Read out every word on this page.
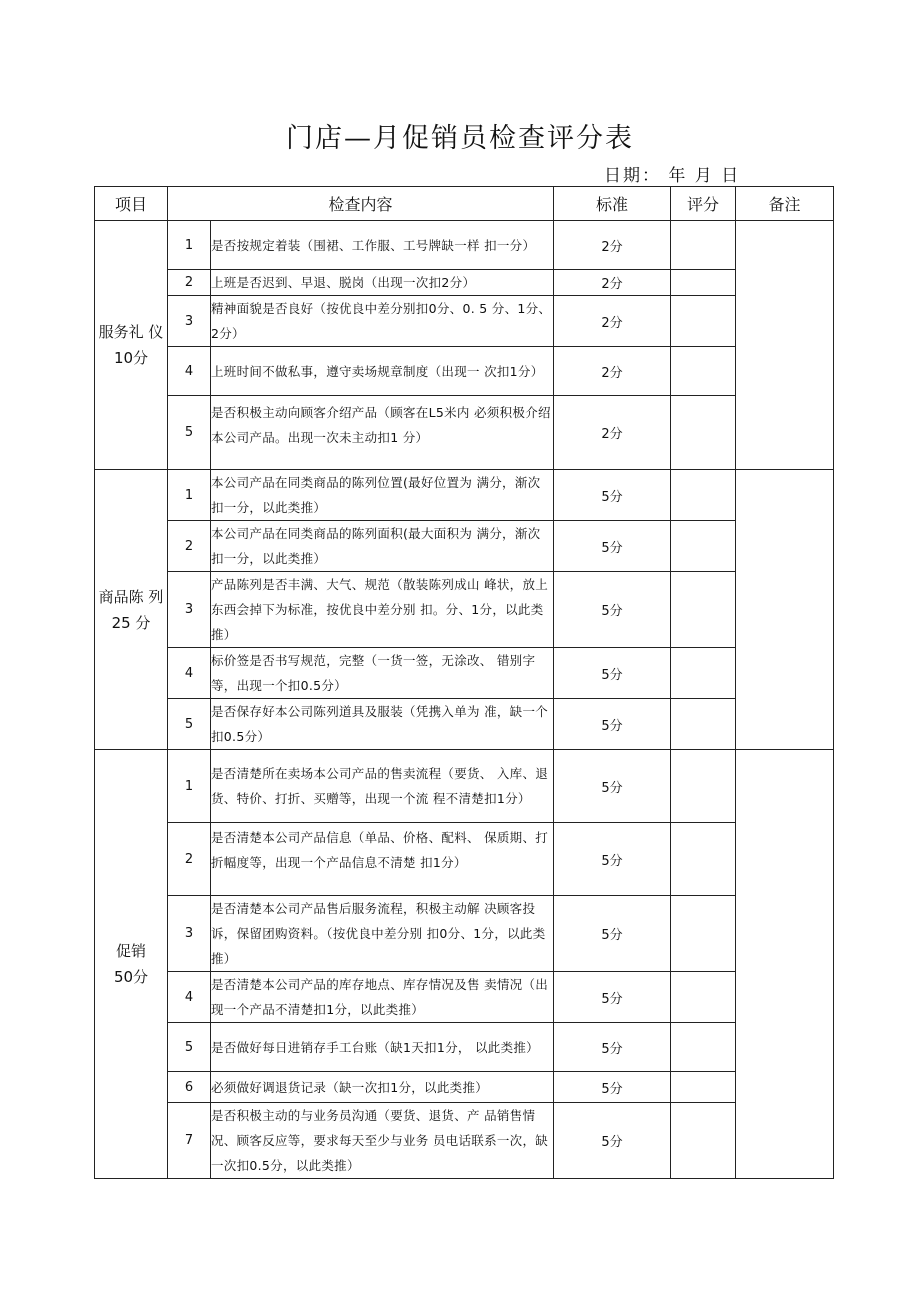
门店—月促销员检查评分表
日期： 年 月 日
项目	检查内容		标准	评分	备注

服务礼 仪
10分	1	是否按规定着装（围裙、工作服、工号牌缺一样 扣一分）	2分		
	2	上班是否迟到、早退、脱岗（出现一次扣2分）	2分		
	3	精神面貌是否良好（按优良中差分别扣0分、0. 5 分、1分、2分）	2分		
	4	上班时间不做私事，遵守卖场规章制度（出现一 次扣1分）	2分		
	5	是否积极主动向顾客介绍产品（顾客在L5米内 必须积极介绍本公司产品。出现一次未主动扣1 分）	2分		

商品陈 列
25 分	1	本公司产品在同类商品的陈列位置(最好位置为 满分，渐次扣一分，以此类推）	5分		
	2	本公司产品在同类商品的陈列面积(最大面积为 满分，渐次扣一分，以此类推）	5分		
	3	产品陈列是否丰满、大气、规范（散装陈列成山 峰状，放上东西会掉下为标准，按优良中差分别 扣。分、1分，以此类推）	5分		
	4	标价签是否书写规范，完整（一货一签，无涂改、 错别字等，出现一个扣0.5分）	5分		
	5	是否保存好本公司陈列道具及服装（凭携入单为 准，缺一个扣0.5分）	5分		

促销
50分	1	是否清楚所在卖场本公司产品的售卖流程（要货、 入库、退货、特价、打折、买赠等，出现一个流 程不清楚扣1分）	5分		
	2	是否清楚本公司产品信息（单品、价格、配料、 保质期、打折幅度等，出现一个产品信息不清楚 扣1分）	5分		
	3	是否清楚本公司产品售后服务流程，积极主动解 决顾客投诉，保留团购资料。（按优良中差分别 扣0分、1分，以此类推）	5分		
	4	是否清楚本公司产品的库存地点、库存情况及售 卖情况（出现一个产品不清楚扣1分，以此类推）	5分		
	5	是否做好每日进销存手工台账（缺1天扣1分， 以此类推）	5分		
	6	必须做好调退货记录（缺一次扣1分，以此类推）	5分		
	7	是否积极主动的与业务员沟通（要货、退货、产 品销售情况、顾客反应等，要求每天至少与业务 员电话联系一次，缺一次扣0.5分，以此类推）	5分		
